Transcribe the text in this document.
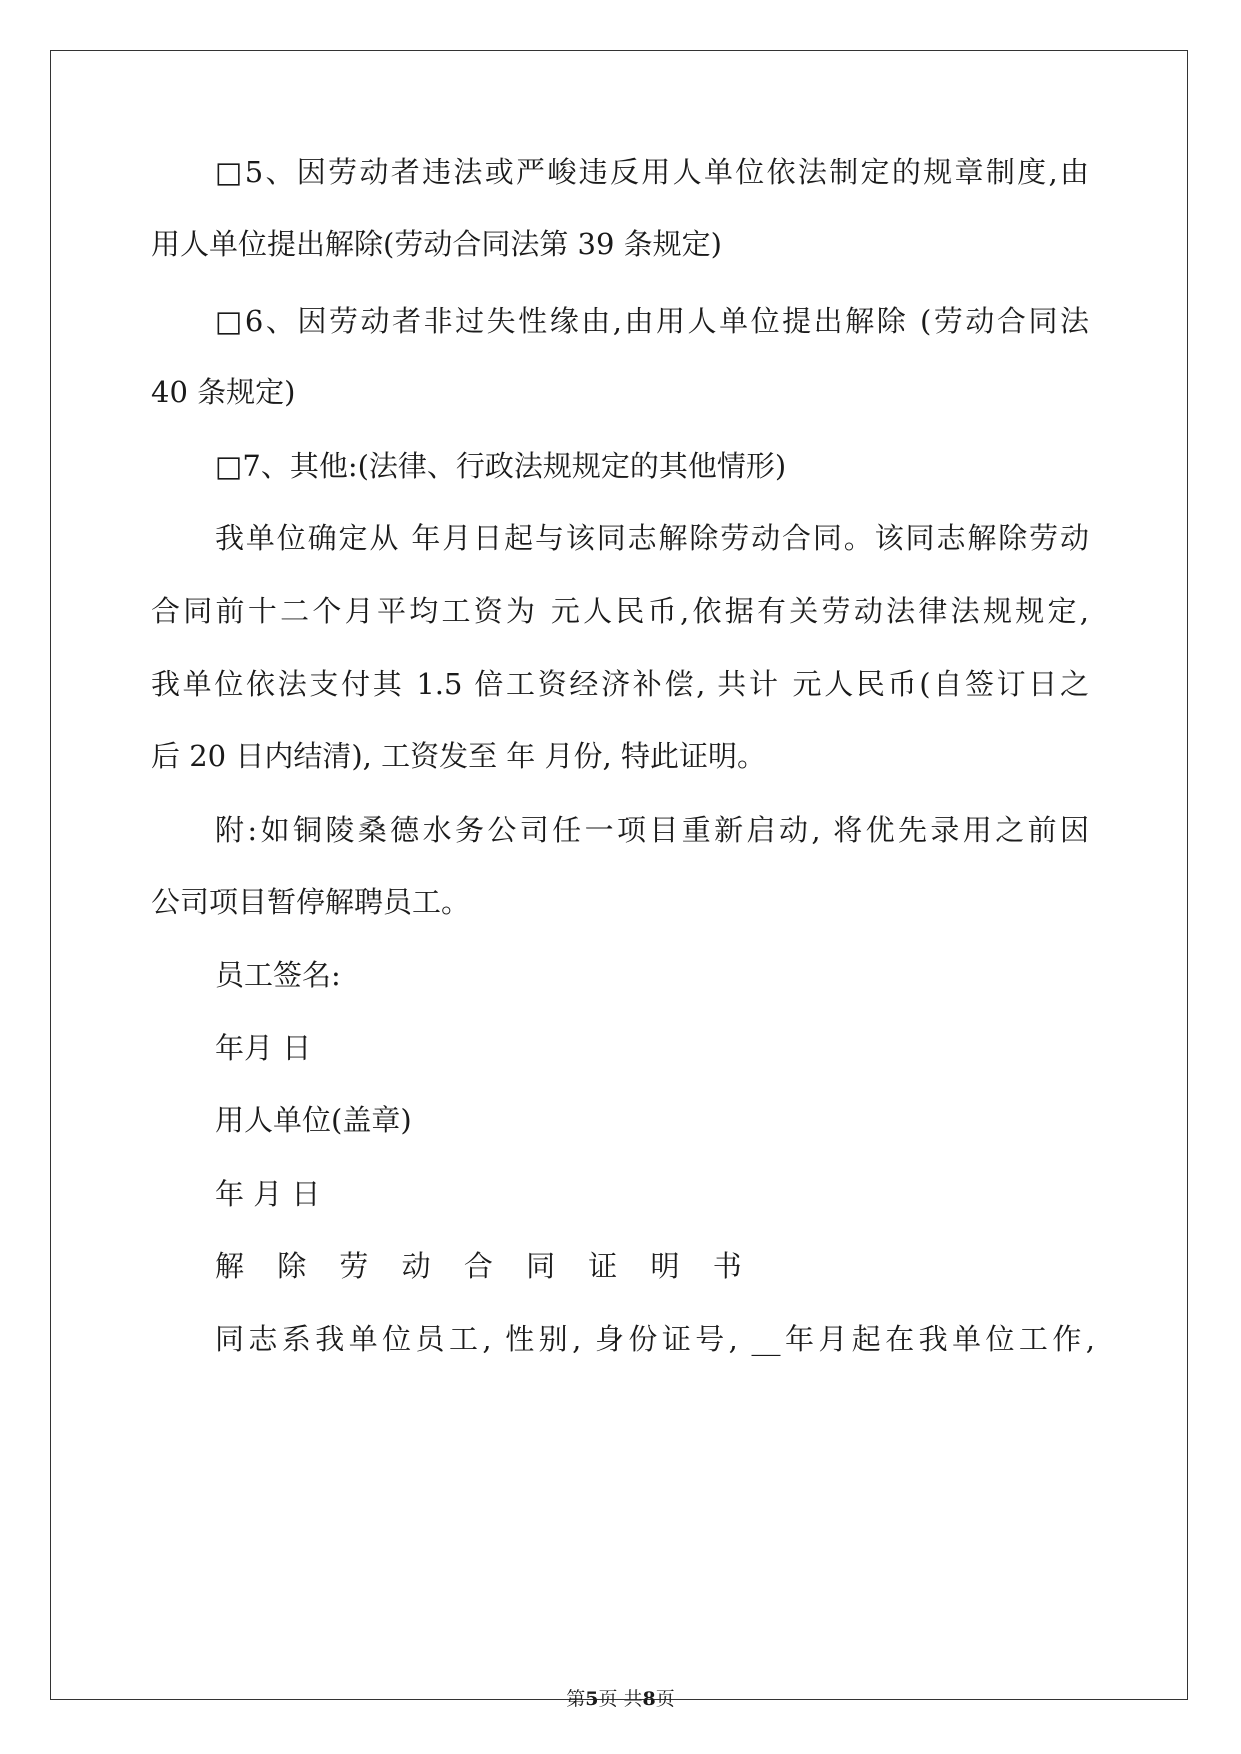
□5、因劳动者违法或严峻违反用人单位依法制定的规章制度,由
用人单位提出解除(劳动合同法第 39 条规定)
□6、因劳动者非过失性缘由,由用人单位提出解除 (劳动合同法
40 条规定)
□7、其他:(法律、行政法规规定的其他情形)
我单位确定从 年月日起与该同志解除劳动合同。该同志解除劳动
合同前十二个月平均工资为 元人民币,依据有关劳动法律法规规定,
我单位依法支付其 1.5 倍工资经济补偿, 共计 元人民币(自签订日之
后 20 日内结清), 工资发至 年 月份, 特此证明。
附:如铜陵桑德水务公司任一项目重新启动, 将优先录用之前因
公司项目暂停解聘员工。
员工签名:
年月 日
用人单位(盖章)
年 月 日
解 除 劳 动 合 同 证 明 书
同志系我单位员工, 性别, 身份证号, __年月起在我单位工作,
第5页 共8页
